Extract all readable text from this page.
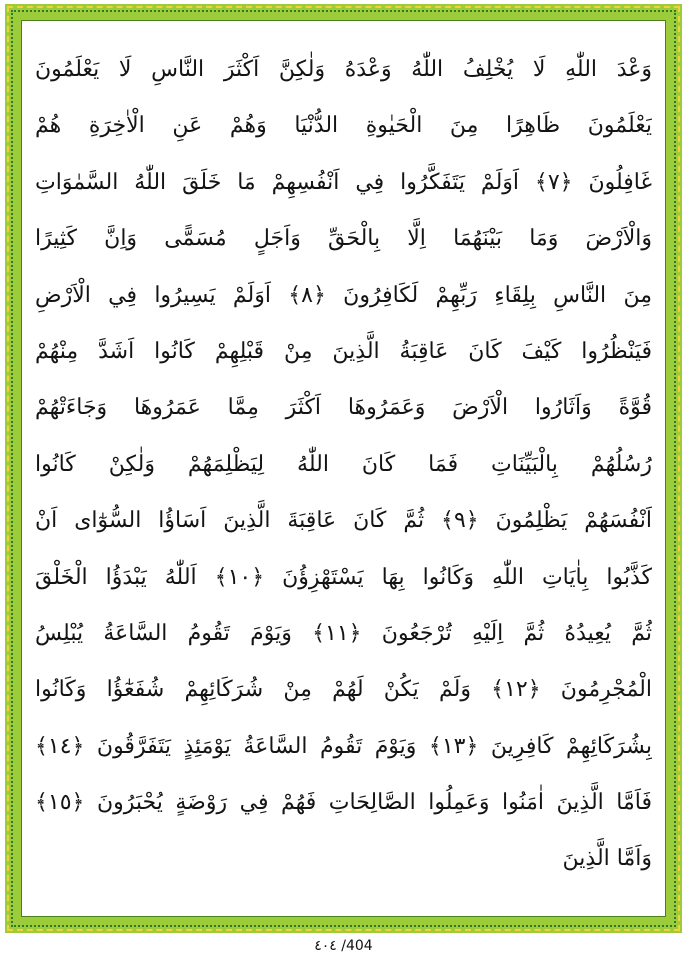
وَعْدَ اللّٰهِ لَا يُخْلِفُ اللّٰهُ وَعْدَهُ وَلٰكِنَّ اَكْثَرَ النَّاسِ لَا يَعْلَمُونَ
يَعْلَمُونَ ظَاهِرًا مِنَ الْحَيٰوةِ الدُّنْيَا وَهُمْ عَنِ الْاٰخِرَةِ هُمْ
غَافِلُونَ ﴿٧﴾ اَوَلَمْ يَتَفَكَّرُوا فِي اَنْفُسِهِمْ مَا خَلَقَ اللّٰهُ السَّمٰوَاتِ
وَالْاَرْضَ وَمَا بَيْنَهُمَا اِلَّا بِالْحَقِّ وَاَجَلٍ مُسَمًّى وَاِنَّ كَثِيرًا
مِنَ النَّاسِ بِلِقَاءِ رَبِّهِمْ لَكَافِرُونَ ﴿٨﴾ اَوَلَمْ يَسِيرُوا فِي الْاَرْضِ
فَيَنْظُرُوا كَيْفَ كَانَ عَاقِبَةُ الَّذِينَ مِنْ قَبْلِهِمْ كَانُوا اَشَدَّ مِنْهُمْ
قُوَّةً وَاَثَارُوا الْاَرْضَ وَعَمَرُوهَا اَكْثَرَ مِمَّا عَمَرُوهَا وَجَاءَتْهُمْ
رُسُلُهُمْ بِالْبَيِّنَاتِ فَمَا كَانَ اللّٰهُ لِيَظْلِمَهُمْ وَلٰكِنْ كَانُوا
اَنْفُسَهُمْ يَظْلِمُونَ ﴿٩﴾ ثُمَّ كَانَ عَاقِبَةَ الَّذِينَ اَسَاؤُا السُّوٰٓاى اَنْ
كَذَّبُوا بِاٰيَاتِ اللّٰهِ وَكَانُوا بِهَا يَسْتَهْزِؤُنَ ﴿١٠﴾ اَللّٰهُ يَبْدَؤُا الْخَلْقَ
ثُمَّ يُعِيدُهُ ثُمَّ اِلَيْهِ تُرْجَعُونَ ﴿١١﴾ وَيَوْمَ تَقُومُ السَّاعَةُ يُبْلِسُ
الْمُجْرِمُونَ ﴿١٢﴾ وَلَمْ يَكُنْ لَهُمْ مِنْ شُرَكَائِهِمْ شُفَعٰٓؤُا وَكَانُوا
بِشُرَكَائِهِمْ كَافِرِينَ ﴿١٣﴾ وَيَوْمَ تَقُومُ السَّاعَةُ يَوْمَئِذٍ يَتَفَرَّقُونَ ﴿١٤﴾
فَاَمَّا الَّذِينَ اٰمَنُوا وَعَمِلُوا الصَّالِحَاتِ فَهُمْ فِي رَوْضَةٍ يُحْبَرُونَ ﴿١٥﴾
وَاَمَّا الَّذِينَ
٤٠٤ /404
